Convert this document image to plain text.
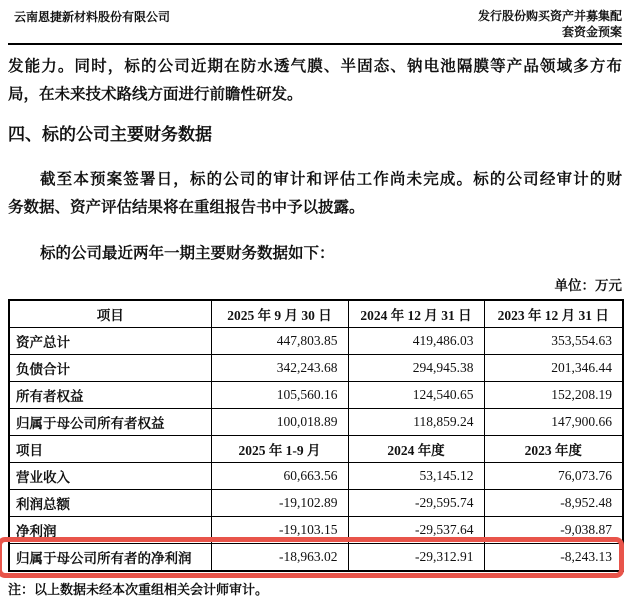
云南恩捷新材料股份有限公司	发行股份购买资产并募集配
套资金预案
发能力。同时，标的公司近期在防水透气膜、半固态、钠电池隔膜等产品领域多方布
局，在未来技术路线方面进行前瞻性研发。
四、标的公司主要财务数据
截至本预案签署日，标的公司的审计和评估工作尚未完成。标的公司经审计的财
务数据、资产评估结果将在重组报告书中予以披露。
标的公司最近两年一期主要财务数据如下：
单位：万元
项目	2025 年 9 月 30 日	2024 年 12 月 31 日	2023 年 12 月 31 日
资产总计	447,803.85	419,486.03	353,554.63
负债合计	342,243.68	294,945.38	201,346.44
所有者权益	105,560.16	124,540.65	152,208.19
归属于母公司所有者权益	100,018.89	118,859.24	147,900.66
项目	2025 年 1-9 月	2024 年度	2023 年度
营业收入	60,663.56	53,145.12	76,073.76
利润总额	-19,102.89	-29,595.74	-8,952.48
净利润	-19,103.15	-29,537.64	-9,038.87
归属于母公司所有者的净利润	-18,963.02	-29,312.91	-8,243.13
注：以上数据未经本次重组相关会计师审计。
